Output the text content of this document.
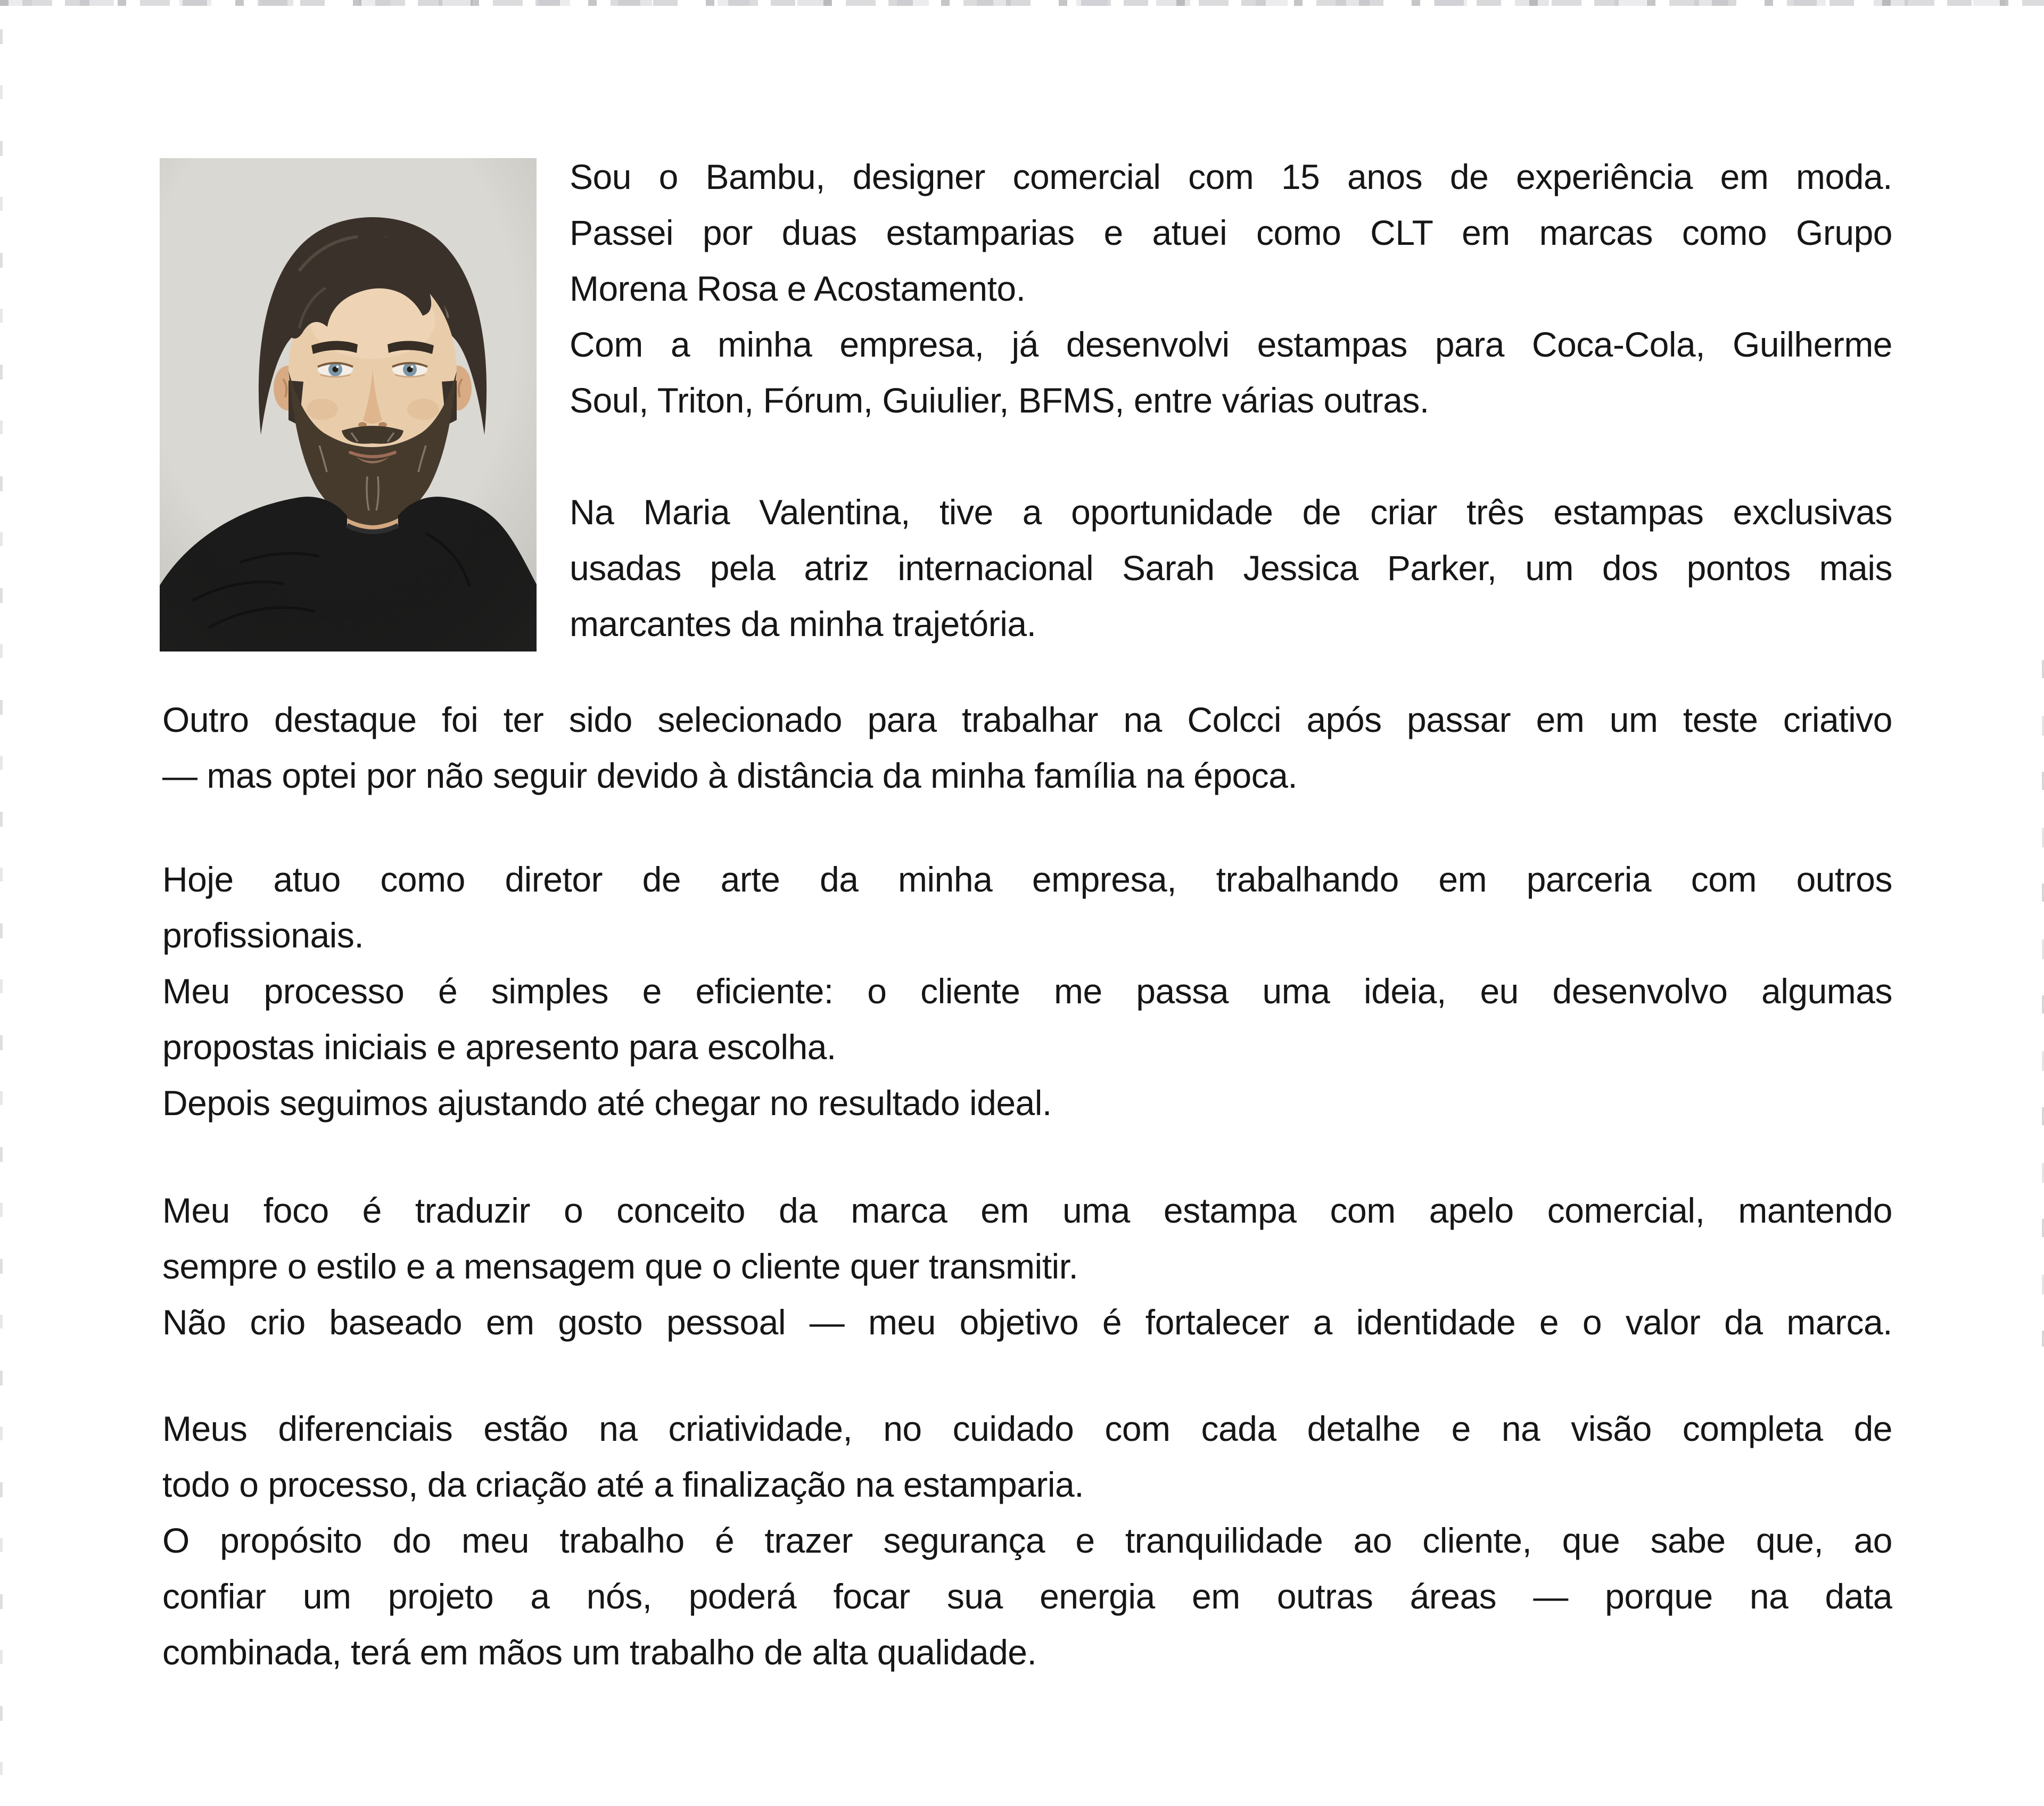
Sou o Bambu, designer comercial com 15 anos de experiência em moda.
Passei por duas estamparias e atuei como CLT em marcas como Grupo
Morena Rosa e Acostamento.
Com a minha empresa, já desenvolvi estampas para Coca-Cola, Guilherme
Soul, Triton, Fórum, Guiulier, BFMS, entre várias outras.
Na Maria Valentina, tive a oportunidade de criar três estampas exclusivas
usadas pela atriz internacional Sarah Jessica Parker, um dos pontos mais
marcantes da minha trajetória.
Outro destaque foi ter sido selecionado para trabalhar na Colcci após passar em um teste criativo
— mas optei por não seguir devido à distância da minha família na época.
Hoje atuo como diretor de arte da minha empresa, trabalhando em parceria com outros
profissionais.
Meu processo é simples e eficiente: o cliente me passa uma ideia, eu desenvolvo algumas
propostas iniciais e apresento para escolha.
Depois seguimos ajustando até chegar no resultado ideal.
Meu foco é traduzir o conceito da marca em uma estampa com apelo comercial, mantendo
sempre o estilo e a mensagem que o cliente quer transmitir.
Não crio baseado em gosto pessoal — meu objetivo é fortalecer a identidade e o valor da marca.
Meus diferenciais estão na criatividade, no cuidado com cada detalhe e na visão completa de
todo o processo, da criação até a finalização na estamparia.
O propósito do meu trabalho é trazer segurança e tranquilidade ao cliente, que sabe que, ao
confiar um projeto a nós, poderá focar sua energia em outras áreas — porque na data
combinada, terá em mãos um trabalho de alta qualidade.
